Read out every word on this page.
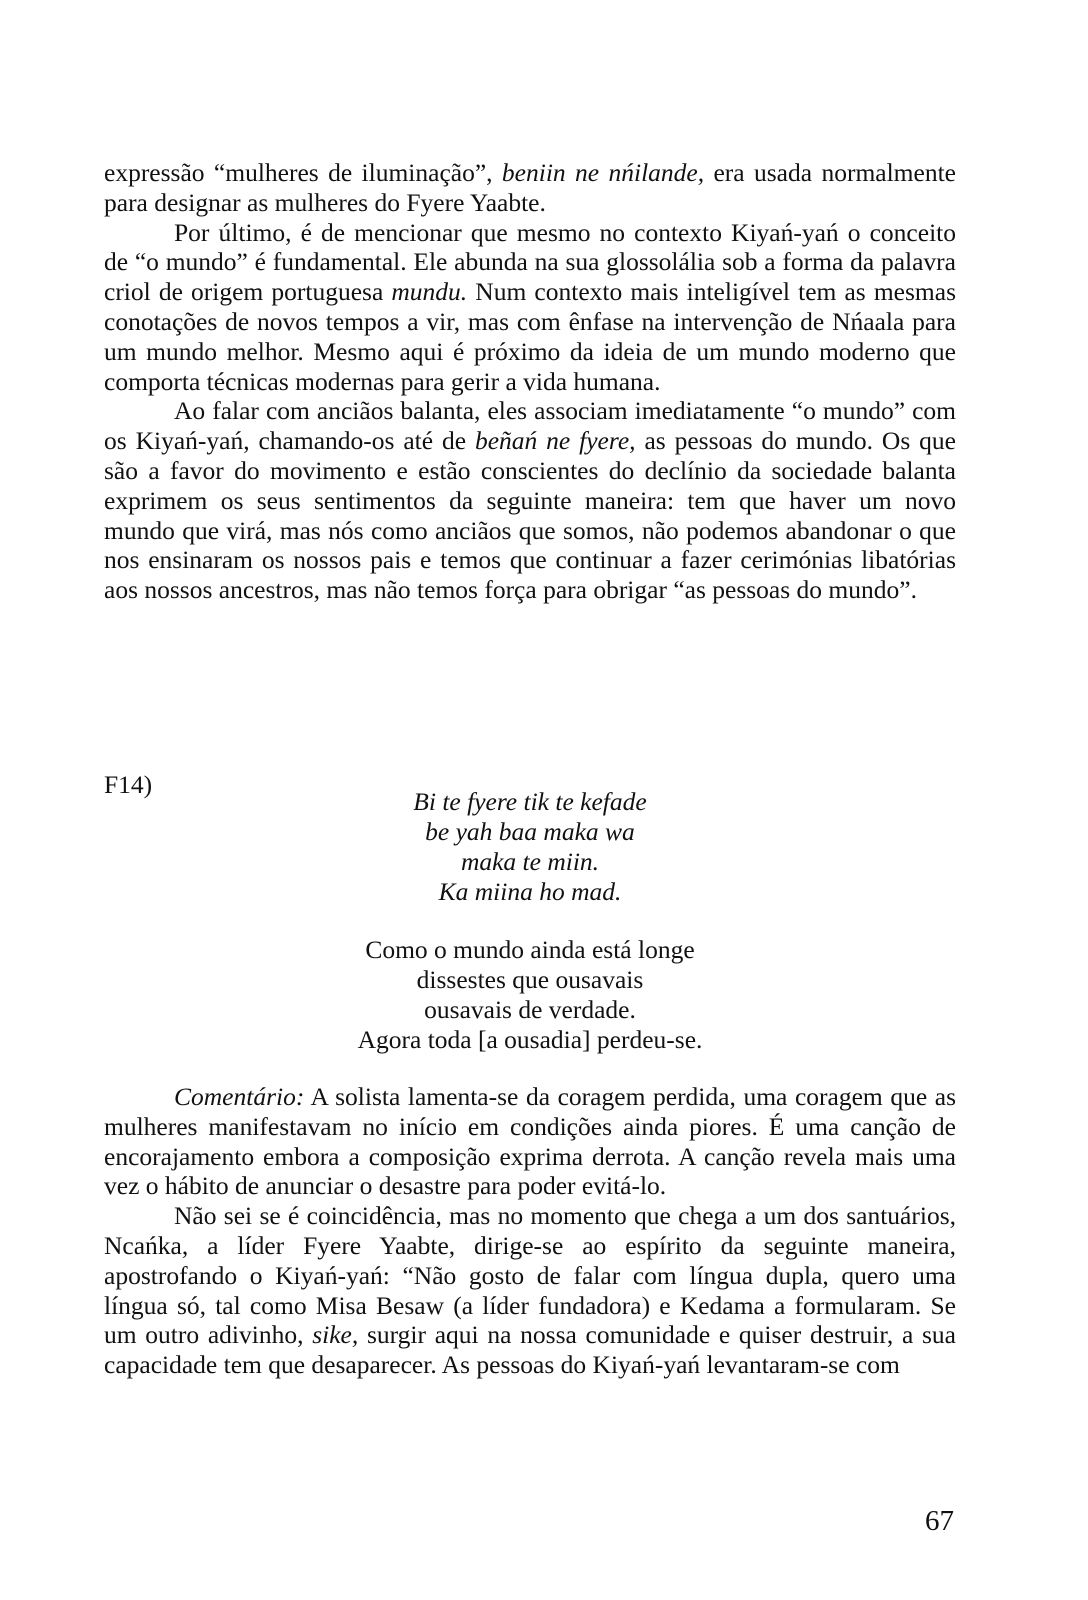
expressão “mulheres de iluminação”, beniin ne nńilande, era usada normalmente para designar as mulheres do Fyere Yaabte.

Por último, é de mencionar que mesmo no contexto Kiyań-yań o conceito de “o mundo” é fundamental. Ele abunda na sua glossolália sob a forma da palavra criol de origem portuguesa mundu. Num contexto mais inteligível tem as mesmas conotações de novos tempos a vir, mas com ênfase na intervenção de Nńaala para um mundo melhor. Mesmo aqui é próximo da ideia de um mundo moderno que comporta técnicas modernas para gerir a vida humana.

Ao falar com anciãos balanta, eles associam imediatamente “o mundo” com os Kiyań-yań, chamando-os até de beñań ne fyere, as pessoas do mundo. Os que são a favor do movimento e estão conscientes do declínio da sociedade balanta exprimem os seus sentimentos da seguinte maneira: tem que haver um novo mundo que virá, mas nós como anciãos que somos, não podemos abandonar o que nos ensinaram os nossos pais e temos que continuar a fazer cerimónias libatórias aos nossos ancestros, mas não temos força para obrigar “as pessoas do mundo”.

F14)
Bi te fyere tik te kefade
be yah baa maka wa
maka te miin.
Ka miina ho mad.
Como o mundo ainda está longe
dissestes que ousavais
ousavais de verdade.
Agora toda [a ousadia] perdeu-se.

Comentário: A solista lamenta-se da coragem perdida, uma coragem que as mulheres manifestavam no início em condições ainda piores. É uma canção de encorajamento embora a composição exprima derrota. A canção revela mais uma vez o hábito de anunciar o desastre para poder evitá-lo.

Não sei se é coincidência, mas no momento que chega a um dos santuários, Ncańka, a líder Fyere Yaabte, dirige-se ao espírito da seguinte maneira, apostrofando o Kiyań-yań: “Não gosto de falar com língua dupla, quero uma língua só, tal como Misa Besaw (a líder fundadora) e Kedama a formularam. Se um outro adivinho, sike, surgir aqui na nossa comunidade e quiser destruir, a sua capacidade tem que desaparecer. As pessoas do Kiyań-yań levantaram-se com

67
